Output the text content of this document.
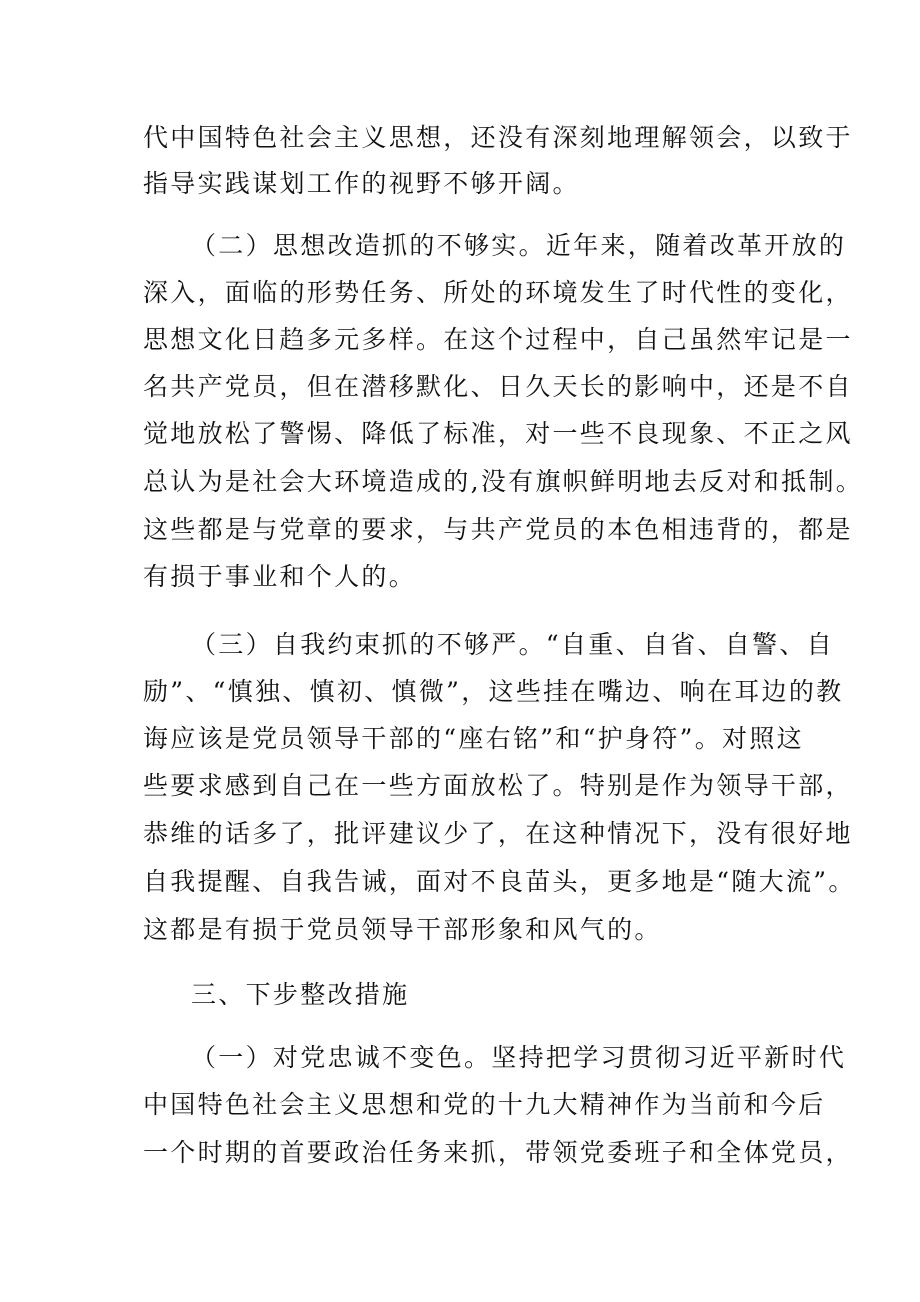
代中国特色社会主义思想，还没有深刻地理解领会，以致于
指导实践谋划工作的视野不够开阔。
（二）思想改造抓的不够实。近年来，随着改革开放的
深入，面临的形势任务、所处的环境发生了时代性的变化，
思想文化日趋多元多样。在这个过程中，自己虽然牢记是一
名共产党员，但在潜移默化、日久天长的影响中，还是不自
觉地放松了警惕、降低了标准，对一些不良现象、不正之风
总认为是社会大环境造成的,没有旗帜鲜明地去反对和抵制。
这些都是与党章的要求，与共产党员的本色相违背的，都是
有损于事业和个人的。
（三）自我约束抓的不够严。“自重、自省、自警、自
励”、“慎独、慎初、慎微”，这些挂在嘴边、响在耳边的教
诲应该是党员领导干部的“座右铭”和“护身符”。对照这
些要求感到自己在一些方面放松了。特别是作为领导干部，
恭维的话多了，批评建议少了，在这种情况下，没有很好地
自我提醒、自我告诫，面对不良苗头，更多地是“随大流”。
这都是有损于党员领导干部形象和风气的。
三、下步整改措施
（一）对党忠诚不变色。坚持把学习贯彻习近平新时代
中国特色社会主义思想和党的十九大精神作为当前和今后
一个时期的首要政治任务来抓，带领党委班子和全体党员，
